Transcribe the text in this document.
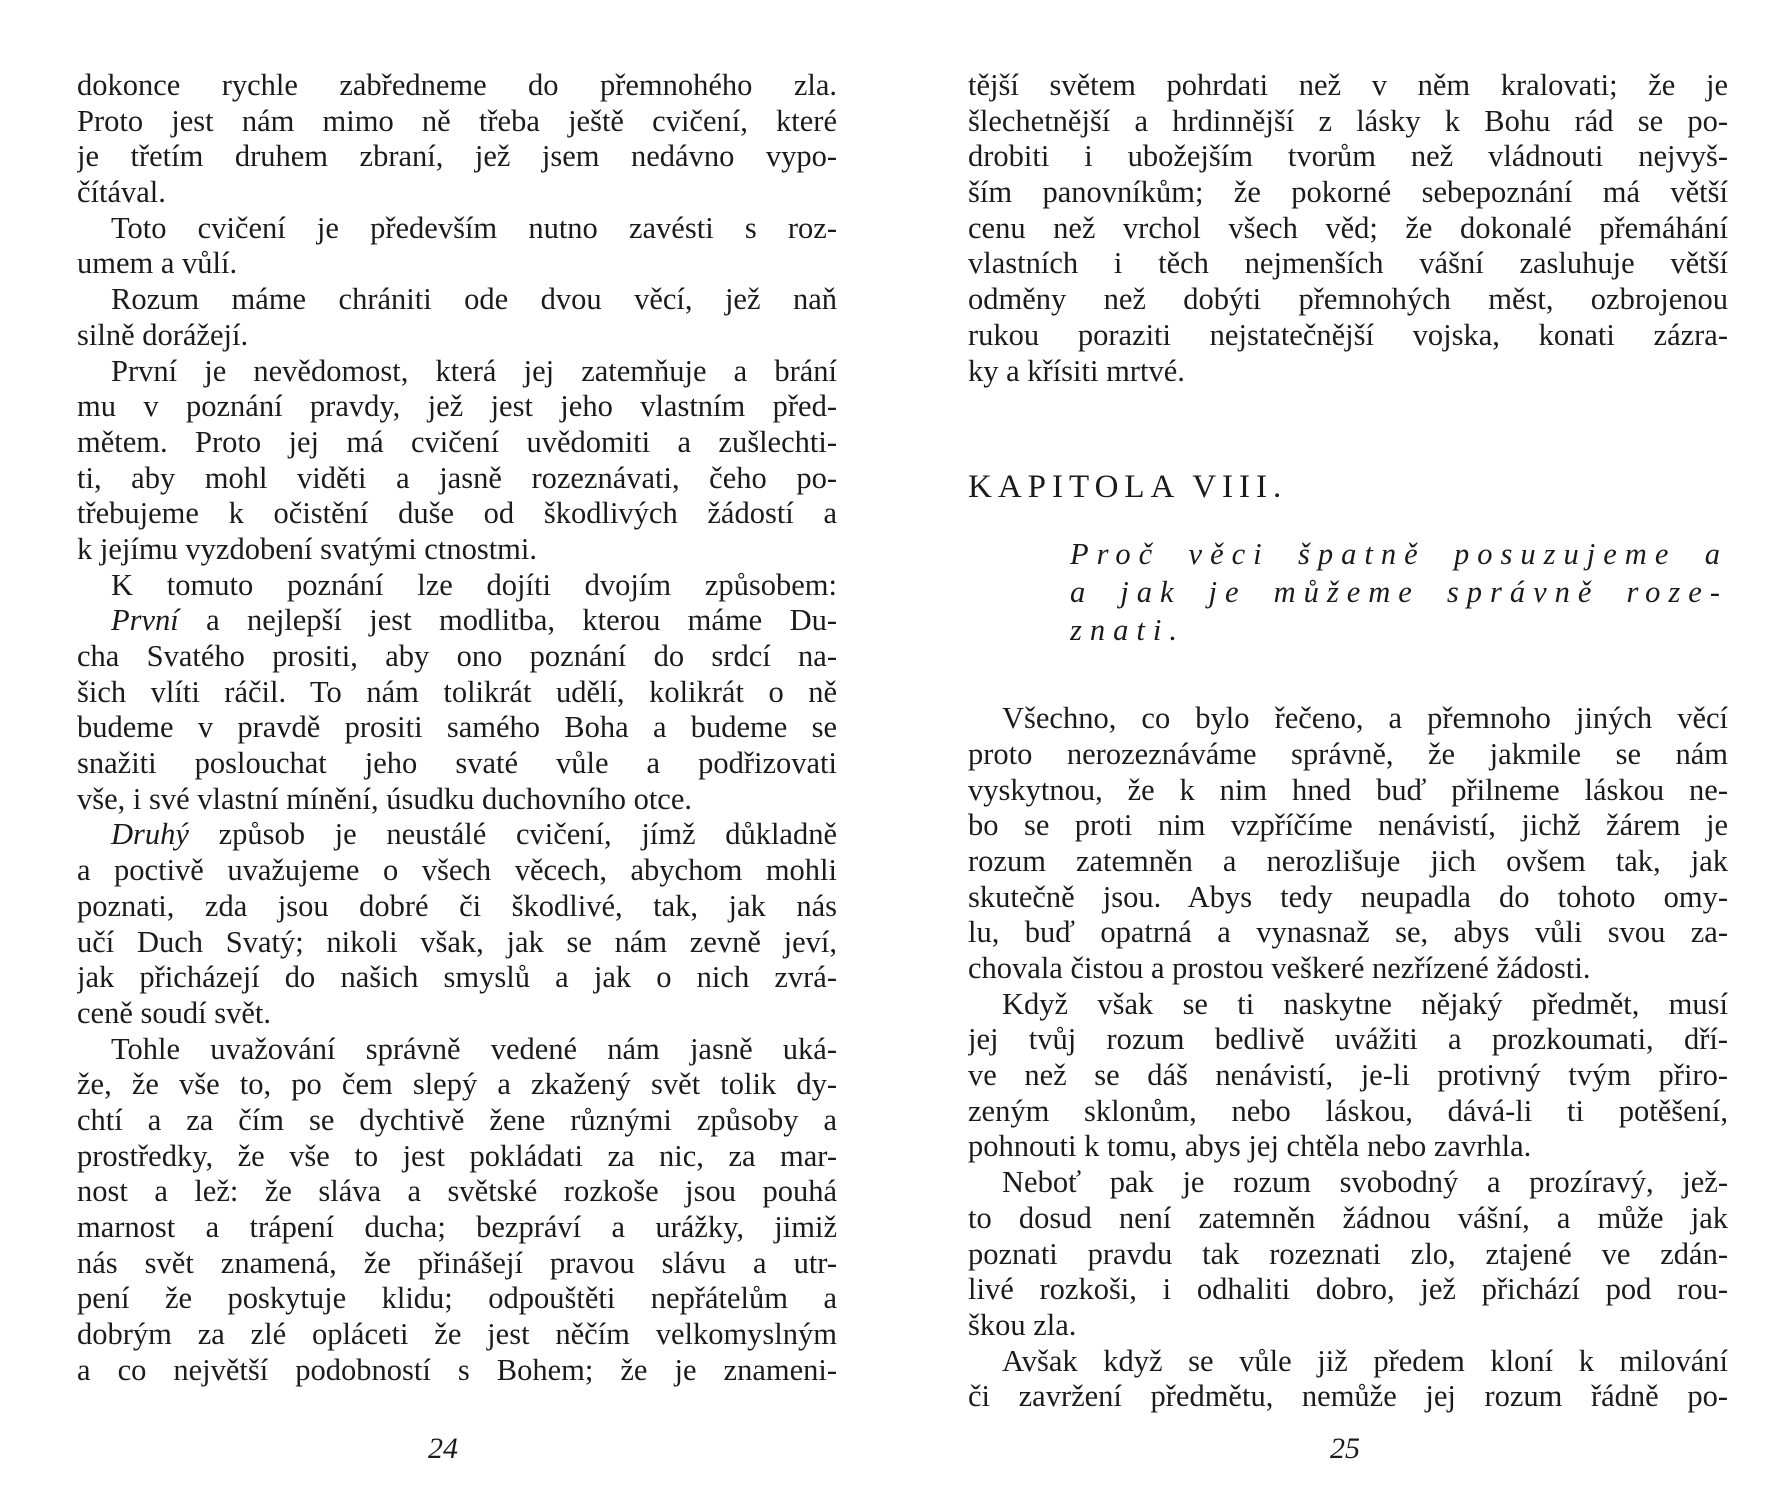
dokonce rychle zabředneme do přemnohého zla.
Proto jest nám mimo ně třeba ještě cvičení, které
je třetím druhem zbraní, jež jsem nedávno vypo-
čítával.
Toto cvičení je především nutno zavésti s roz-
umem a vůlí.
Rozum máme chrániti ode dvou věcí, jež naň
silně dorážejí.
První je nevědomost, která jej zatemňuje a brání
mu v poznání pravdy, jež jest jeho vlastním před-
mětem. Proto jej má cvičení uvědomiti a zušlechti-
ti, aby mohl viděti a jasně rozeznávati, čeho po-
třebujeme k očistění duše od škodlivých žádostí a
k jejímu vyzdobení svatými ctnostmi.
K tomuto poznání lze dojíti dvojím způsobem:
První a nejlepší jest modlitba, kterou máme Du-
cha Svatého prositi, aby ono poznání do srdcí na-
šich vlíti ráčil. To nám tolikrát udělí, kolikrát o ně
budeme v pravdě prositi samého Boha a budeme se
snažiti poslouchat jeho svaté vůle a podřizovati
vše, i své vlastní mínění, úsudku duchovního otce.
Druhý způsob je neustálé cvičení, jímž důkladně
a poctivě uvažujeme o všech věcech, abychom mohli
poznati, zda jsou dobré či škodlivé, tak, jak nás
učí Duch Svatý; nikoli však, jak se nám zevně jeví,
jak přicházejí do našich smyslů a jak o nich zvrá-
ceně soudí svět.
Tohle uvažování správně vedené nám jasně uká-
že, že vše to, po čem slepý a zkažený svět tolik dy-
chtí a za čím se dychtivě žene různými způsoby a
prostředky, že vše to jest pokládati za nic, za mar-
nost a lež: že sláva a světské rozkoše jsou pouhá
marnost a trápení ducha; bezpráví a urážky, jimiž
nás svět znamená, že přinášejí pravou slávu a utr-
pení že poskytuje klidu; odpouštěti nepřátelům a
dobrým za zlé opláceti že jest něčím velkomyslným
a co největší podobností s Bohem; že je znameni-
24
tější světem pohrdati než v něm kralovati; že je
šlechetnější a hrdinnější z lásky k Bohu rád se po-
drobiti i ubožejším tvorům než vládnouti nejvyš-
ším panovníkům; že pokorné sebepoznání má větší
cenu než vrchol všech věd; že dokonalé přemáhání
vlastních i těch nejmenších vášní zasluhuje větší
odměny než dobýti přemnohých měst, ozbrojenou
rukou poraziti nejstatečnější vojska, konati zázra-
ky a křísiti mrtvé.
KAPITOLA VIII.
Proč věci špatně posuzujeme a
a jak je můžeme správně roze-
znati.
Všechno, co bylo řečeno, a přemnoho jiných věcí
proto nerozeznáváme správně, že jakmile se nám
vyskytnou, že k nim hned buď přilneme láskou ne-
bo se proti nim vzpříčíme nenávistí, jichž žárem je
rozum zatemněn a nerozlišuje jich ovšem tak, jak
skutečně jsou. Abys tedy neupadla do tohoto omy-
lu, buď opatrná a vynasnaž se, abys vůli svou za-
chovala čistou a prostou veškeré nezřízené žádosti.
Když však se ti naskytne nějaký předmět, musí
jej tvůj rozum bedlivě uvážiti a prozkoumati, dří-
ve než se dáš nenávistí, je-li protivný tvým přiro-
zeným sklonům, nebo láskou, dává-li ti potěšení,
pohnouti k tomu, abys jej chtěla nebo zavrhla.
Neboť pak je rozum svobodný a prozíravý, jež-
to dosud není zatemněn žádnou vášní, a může jak
poznati pravdu tak rozeznati zlo, ztajené ve zdán-
livé rozkoši, i odhaliti dobro, jež přichází pod rou-
škou zla.
Avšak když se vůle již předem kloní k milování
či zavržení předmětu, nemůže jej rozum řádně po-
25
